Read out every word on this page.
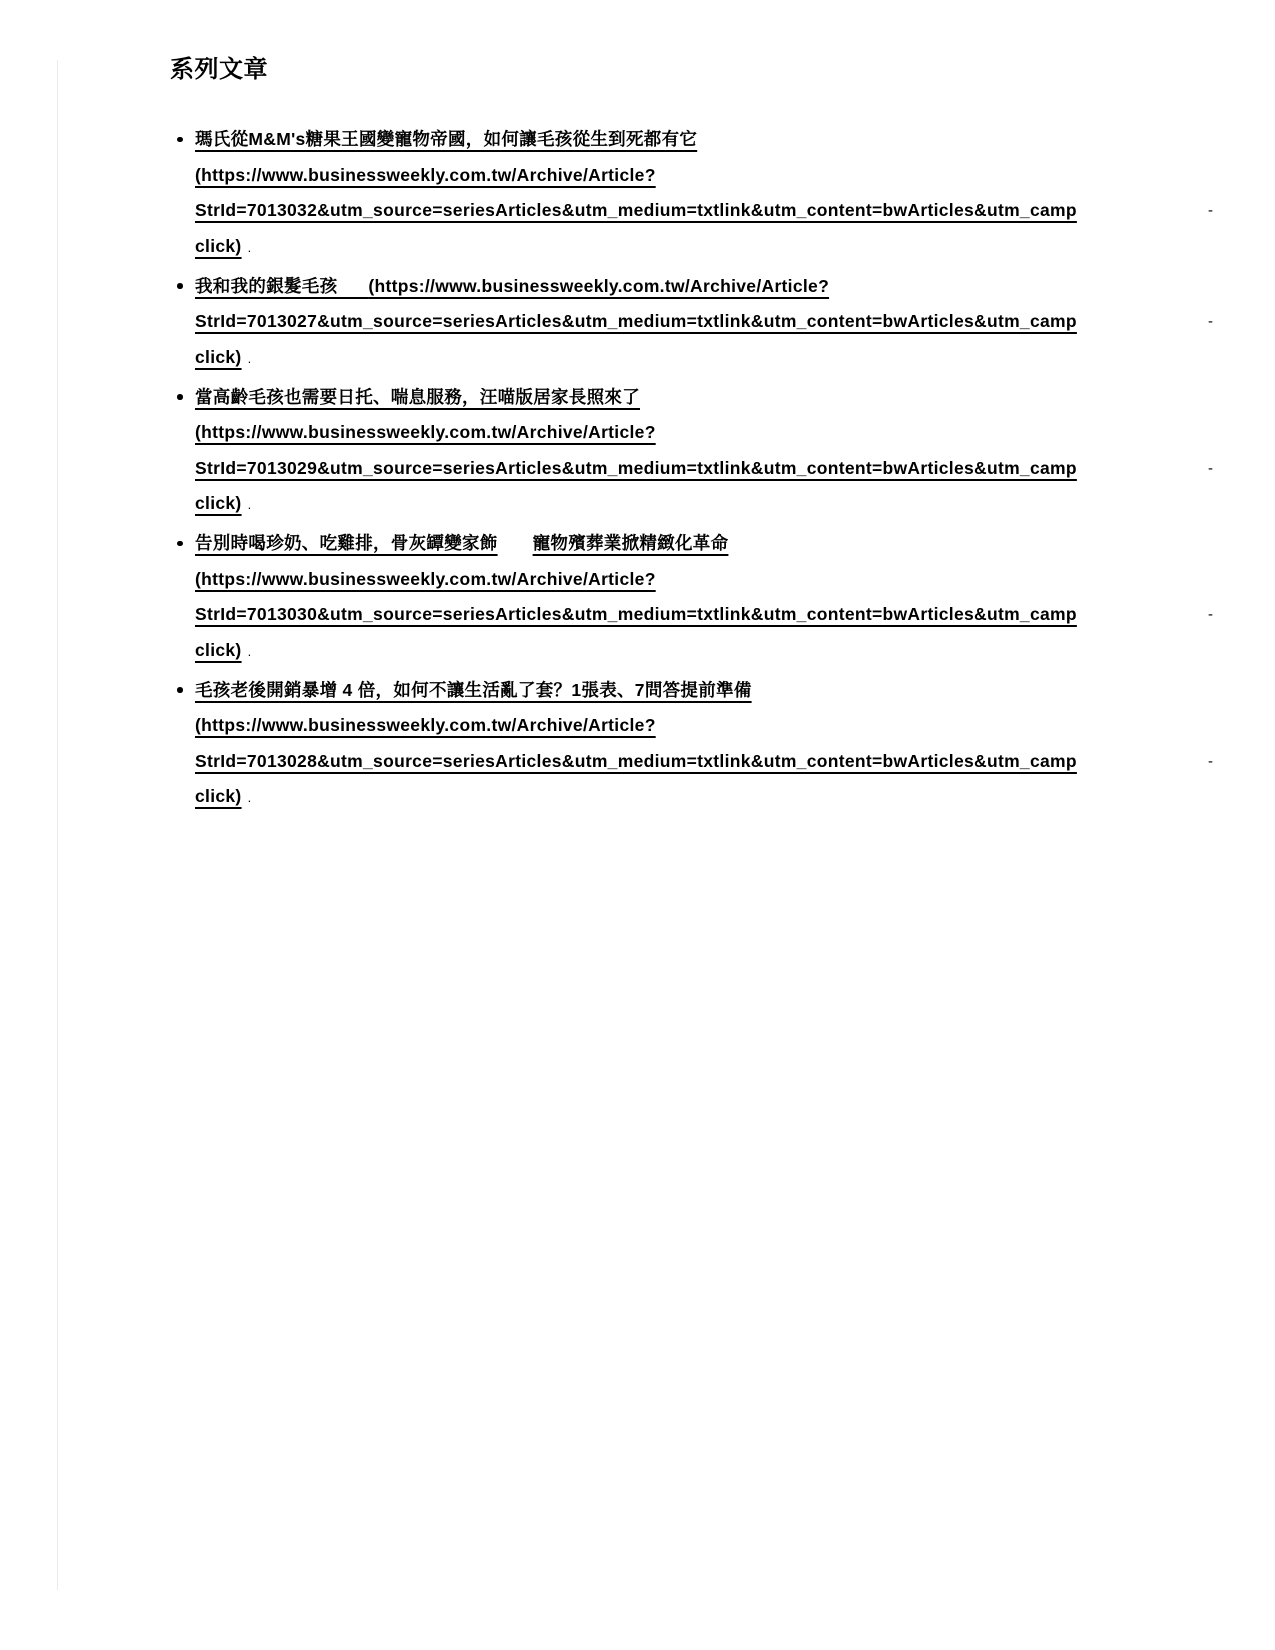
系列文章
瑪氏從M&M's糖果王國變寵物帝國，如何讓毛孩從生到死都有它
(https://www.businessweekly.com.tw/Archive/Article?
StrId=7013032&utm_source=seriesArticles&utm_medium=txtlink&utm_content=bwArticles&utm_camp	-
click) .
我和我的銀髮毛孩      (https://www.businessweekly.com.tw/Archive/Article?
StrId=7013027&utm_source=seriesArticles&utm_medium=txtlink&utm_content=bwArticles&utm_camp	-
click) .
當高齡毛孩也需要日托、喘息服務，汪喵版居家長照來了
(https://www.businessweekly.com.tw/Archive/Article?
StrId=7013029&utm_source=seriesArticles&utm_medium=txtlink&utm_content=bwArticles&utm_camp	-
click) .
告別時喝珍奶、吃雞排，骨灰罈變家飾 寵物殯葬業掀精緻化革命
(https://www.businessweekly.com.tw/Archive/Article?
StrId=7013030&utm_source=seriesArticles&utm_medium=txtlink&utm_content=bwArticles&utm_camp	-
click) .
毛孩老後開銷暴增 4 倍，如何不讓生活亂了套？1張表、7問答提前準備
(https://www.businessweekly.com.tw/Archive/Article?
StrId=7013028&utm_source=seriesArticles&utm_medium=txtlink&utm_content=bwArticles&utm_camp	-
click) .
